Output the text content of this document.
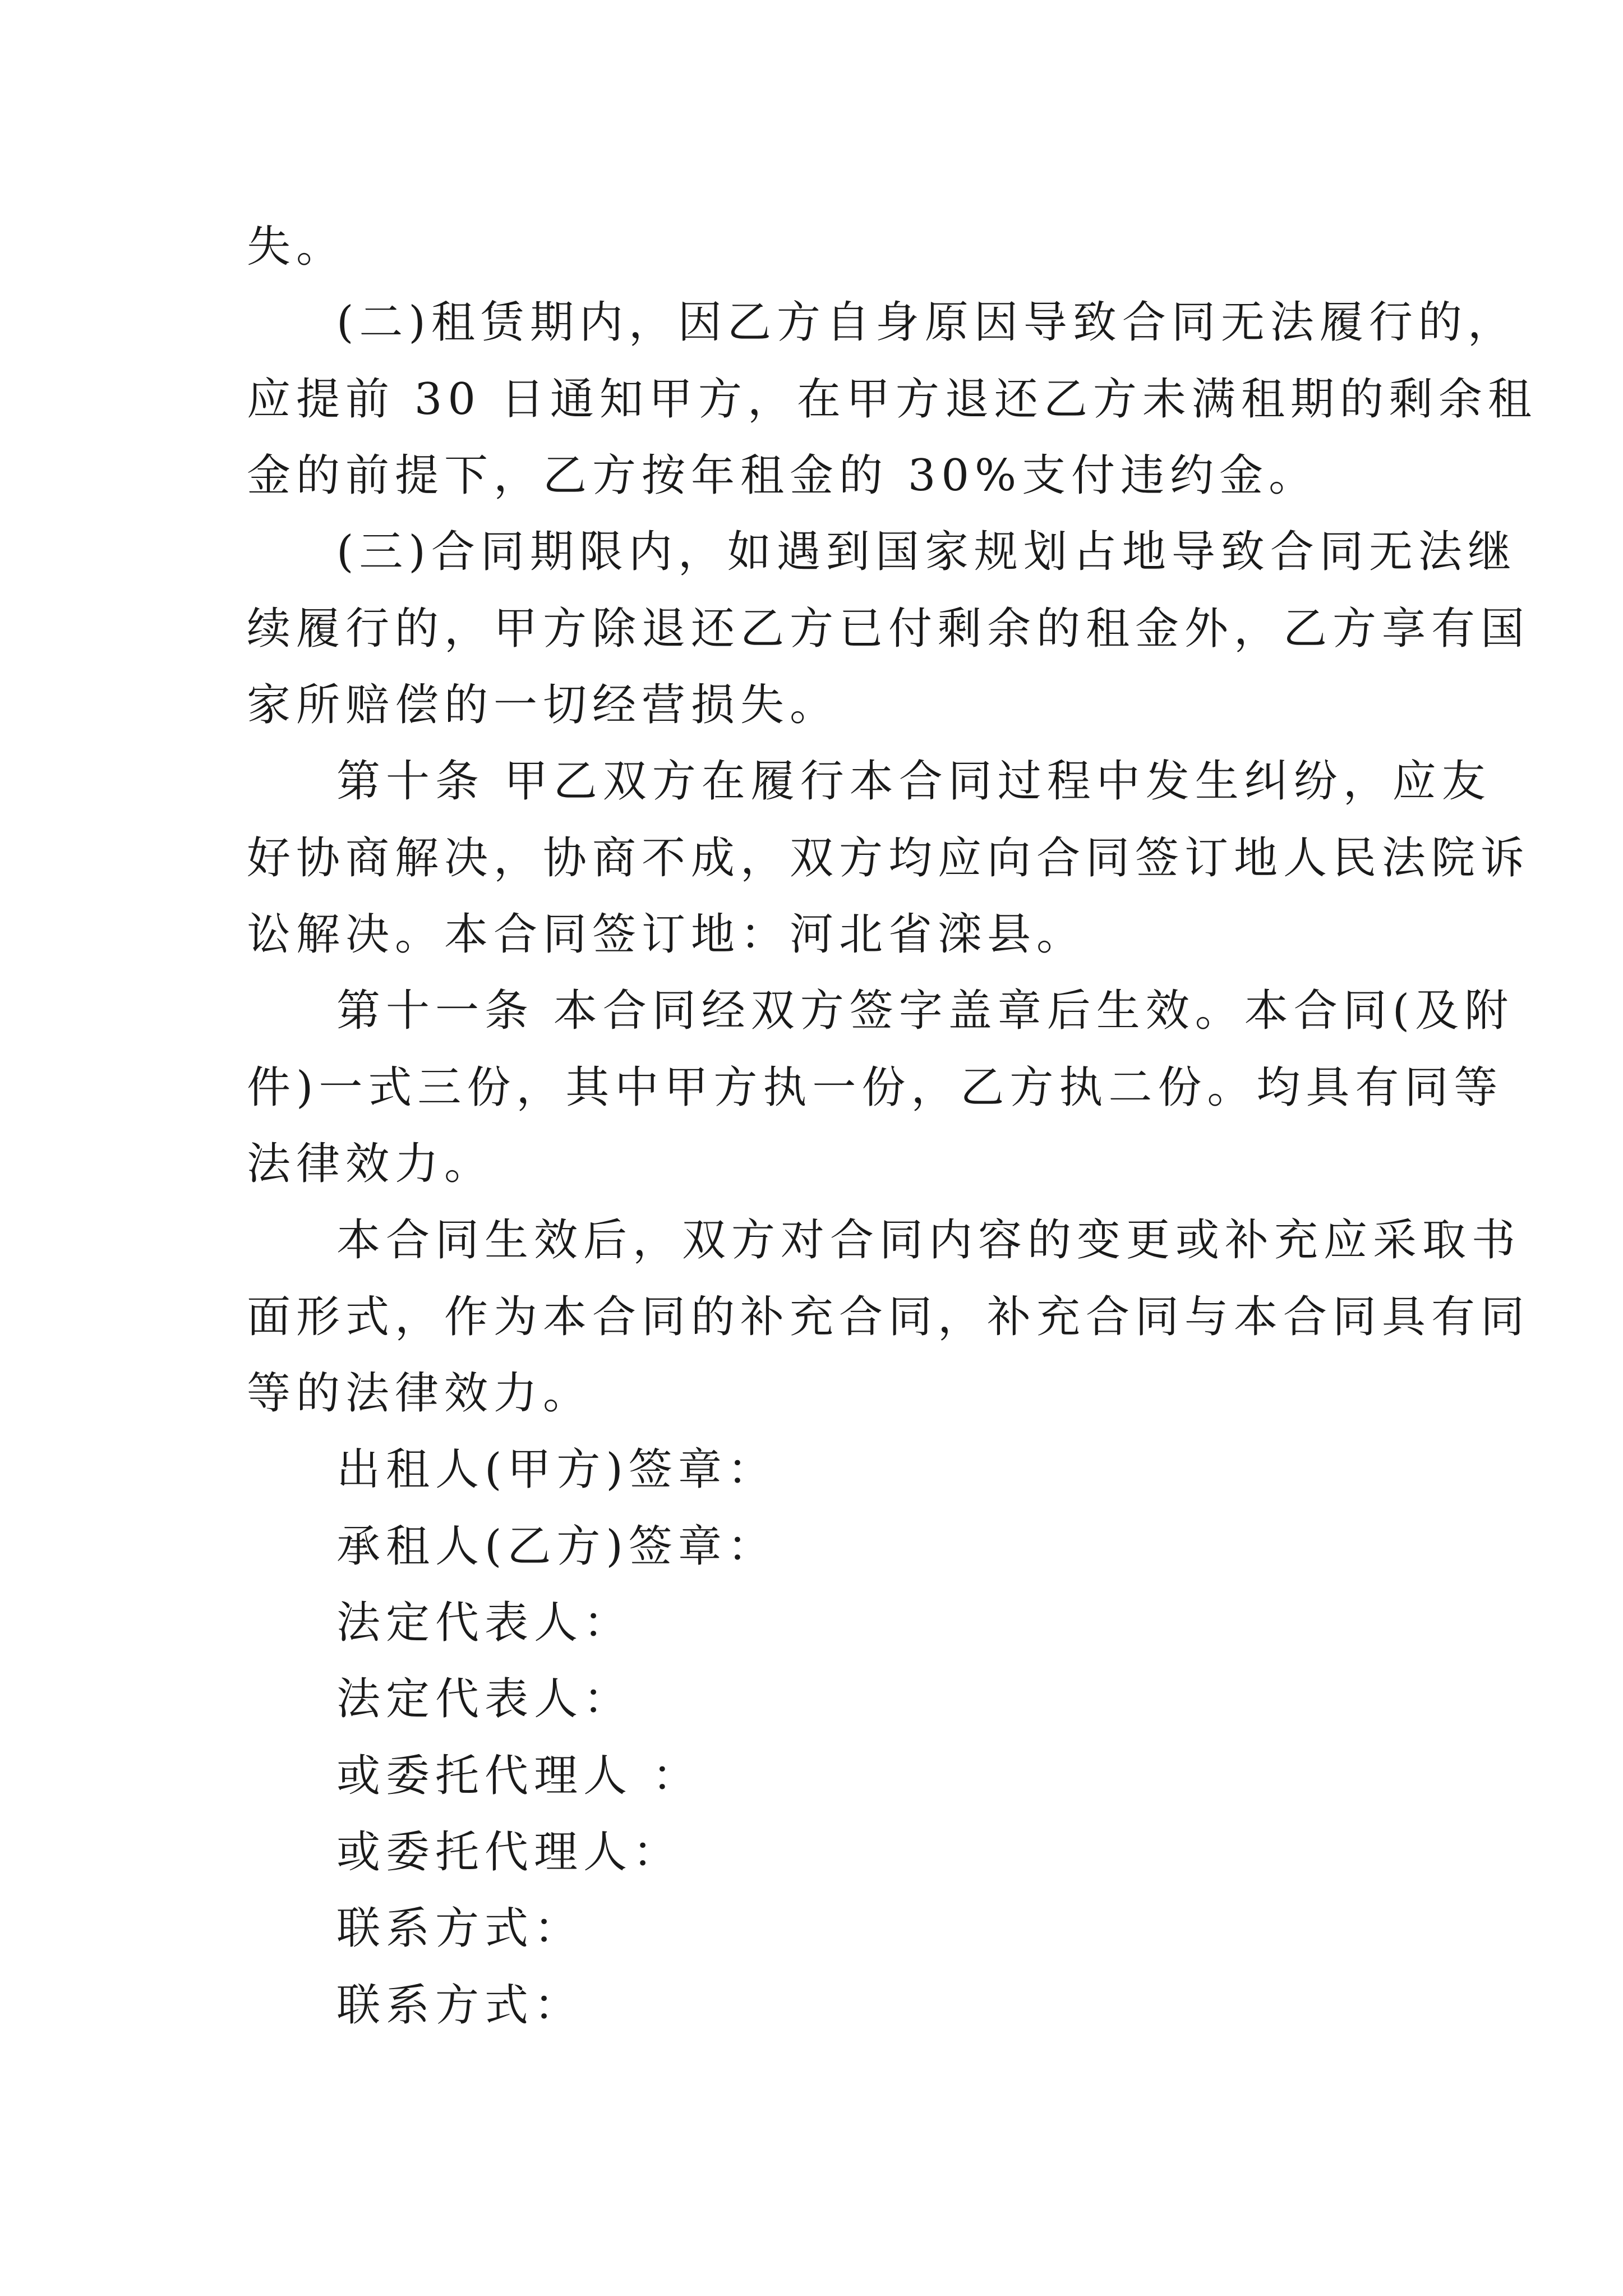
失。
(二)租赁期内，因乙方自身原因导致合同无法履行的，
应提前 30 日通知甲方，在甲方退还乙方未满租期的剩余租
金的前提下，乙方按年租金的 30%支付违约金。
(三)合同期限内，如遇到国家规划占地导致合同无法继
续履行的，甲方除退还乙方已付剩余的租金外，乙方享有国
家所赔偿的一切经营损失。
第十条 甲乙双方在履行本合同过程中发生纠纷，应友
好协商解决，协商不成，双方均应向合同签订地人民法院诉
讼解决。本合同签订地：河北省滦县。
第十一条 本合同经双方签字盖章后生效。本合同(及附
件)一式三份，其中甲方执一份，乙方执二份。均具有同等
法律效力。
本合同生效后，双方对合同内容的变更或补充应采取书
面形式，作为本合同的补充合同，补充合同与本合同具有同
等的法律效力。
出租人(甲方)签章：
承租人(乙方)签章：
法定代表人：
法定代表人：
或委托代理人 ：
或委托代理人：
联系方式：
联系方式：
